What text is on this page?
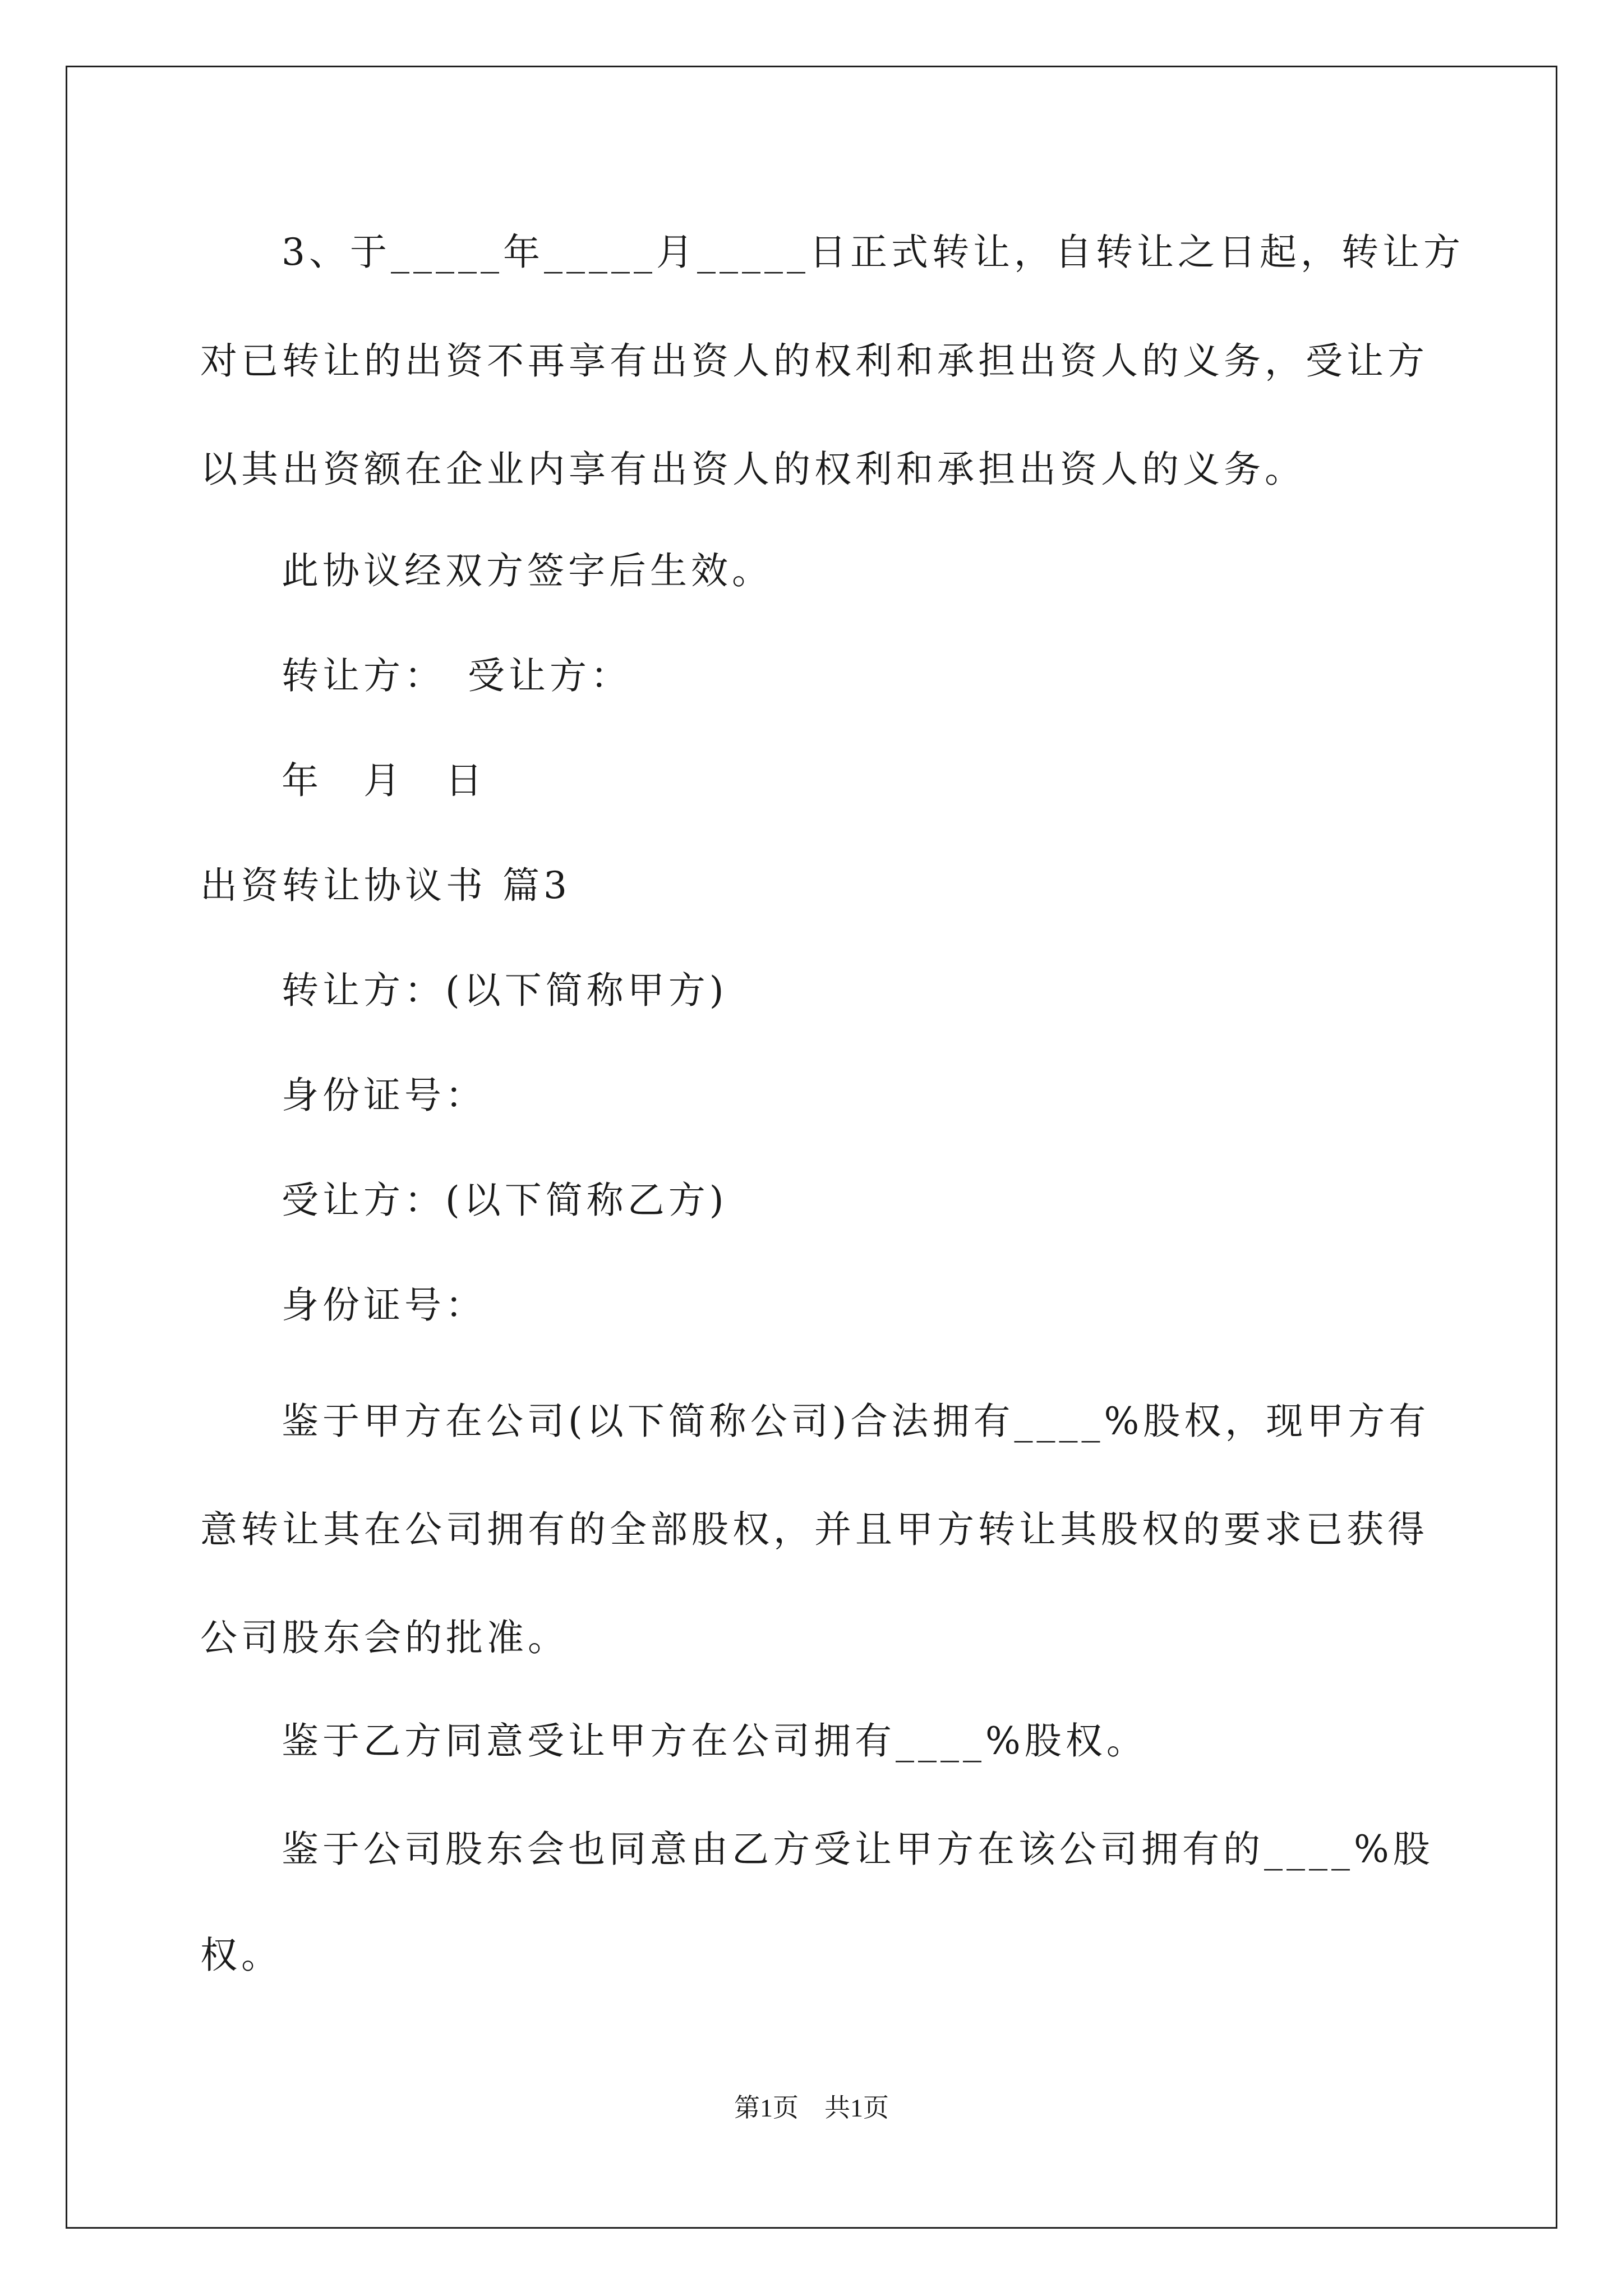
3、于_____年_____月_____日正式转让，自转让之日起，转让方
对已转让的出资不再享有出资人的权利和承担出资人的义务，受让方
以其出资额在企业内享有出资人的权利和承担出资人的义务。
此协议经双方签字后生效。
转让方：　受让方：
年　月　日
出资转让协议书 篇3
转让方：(以下简称甲方)
身份证号：
受让方：(以下简称乙方)
身份证号：
鉴于甲方在公司(以下简称公司)合法拥有____%股权，现甲方有
意转让其在公司拥有的全部股权，并且甲方转让其股权的要求已获得
公司股东会的批准。
鉴于乙方同意受让甲方在公司拥有____%股权。
鉴于公司股东会也同意由乙方受让甲方在该公司拥有的____%股
权。
第1页　共1页
